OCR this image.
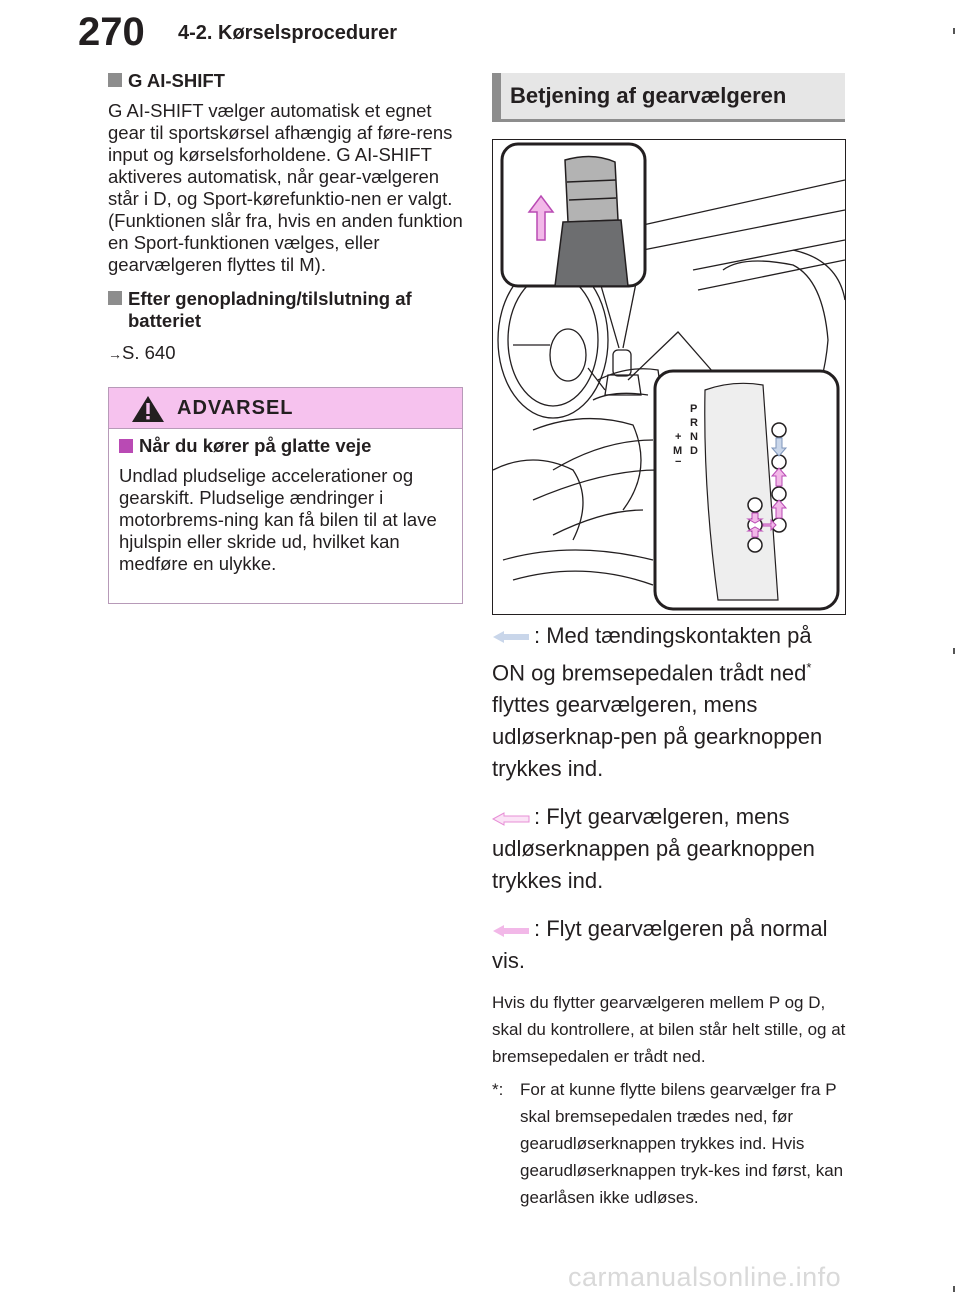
270 4-2. Kørselsprocedurer
G AI-SHIFT
G AI-SHIFT vælger automatisk et egnet gear til sportskørsel afhængig af føre-rens input og kørselsforholdene. G AI-SHIFT aktiveres automatisk, når gear-vælgeren står i D, og Sport-kørefunktio-nen er valgt. (Funktionen slår fra, hvis en anden funktion en Sport-funktionen vælges, eller gearvælgeren flyttes til M).
Efter genopladning/tilslutning af batteriet
→S. 640
ADVARSEL
Når du kører på glatte veje
Undlad pludselige accelerationer og gearskift. Pludselige ændringer i motorbrems-ning kan få bilen til at lave hjulspin eller skride ud, hvilket kan medføre en ulykke.
Betjening af gearvælgeren
P
R
N
D
+
M
−
: Med tændingskontakten på ON og bremsepedalen trådt ned* flyttes gearvælgeren, mens udløserknap-pen på gearknoppen trykkes ind.
: Flyt gearvælgeren, mens udløserknappen på gearknoppen trykkes ind.
: Flyt gearvælgeren på normal vis.
Hvis du flytter gearvælgeren mellem P og D, skal du kontrollere, at bilen står helt stille, og at bremsepedalen er trådt ned.
*: For at kunne flytte bilens gearvælger fra P skal bremsepedalen trædes ned, før gearudløserknappen trykkes ind. Hvis gearudløserknappen tryk-kes ind først, kan gearlåsen ikke udløses.
carmanualsonline.info
